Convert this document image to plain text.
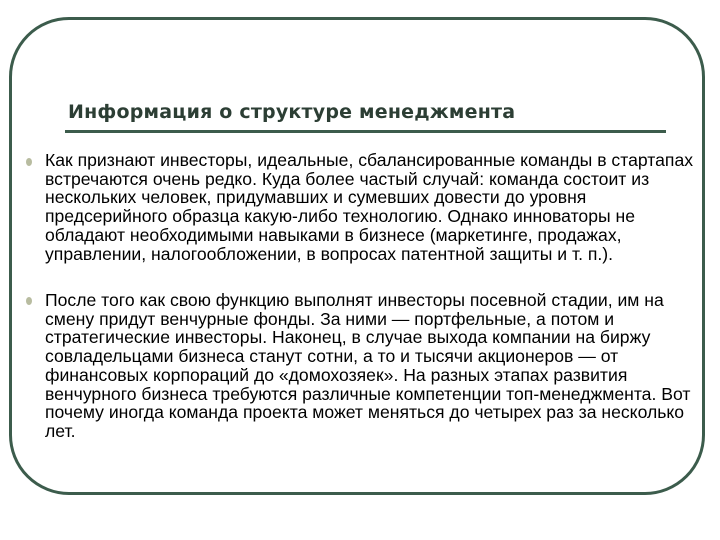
Информация о структуре менеджмента

Как признают инвесторы, идеальные, сбалансированные команды в стартапах встречаются очень редко. Куда более частый случай: команда состоит из нескольких человек, придумавших и сумевших довести до уровня предсерийного образца какую-либо технологию. Однако инноваторы не обладают необходимыми навыками в бизнесе (маркетинге, продажах, управлении, налогообложении, в вопросах патентной защиты и т. п.).

После того как свою функцию выполнят инвесторы посевной стадии, им на смену придут венчурные фонды. За ними — портфельные, а потом и стратегические инвесторы. Наконец, в случае выхода компании на биржу совладельцами бизнеса станут сотни, а то и тысячи акционеров — от финансовых корпораций до «домохозяек». На разных этапах развития венчурного бизнеса требуются различные компетенции топ-менеджмента. Вот почему иногда команда проекта может меняться до четырех раз за несколько лет.
